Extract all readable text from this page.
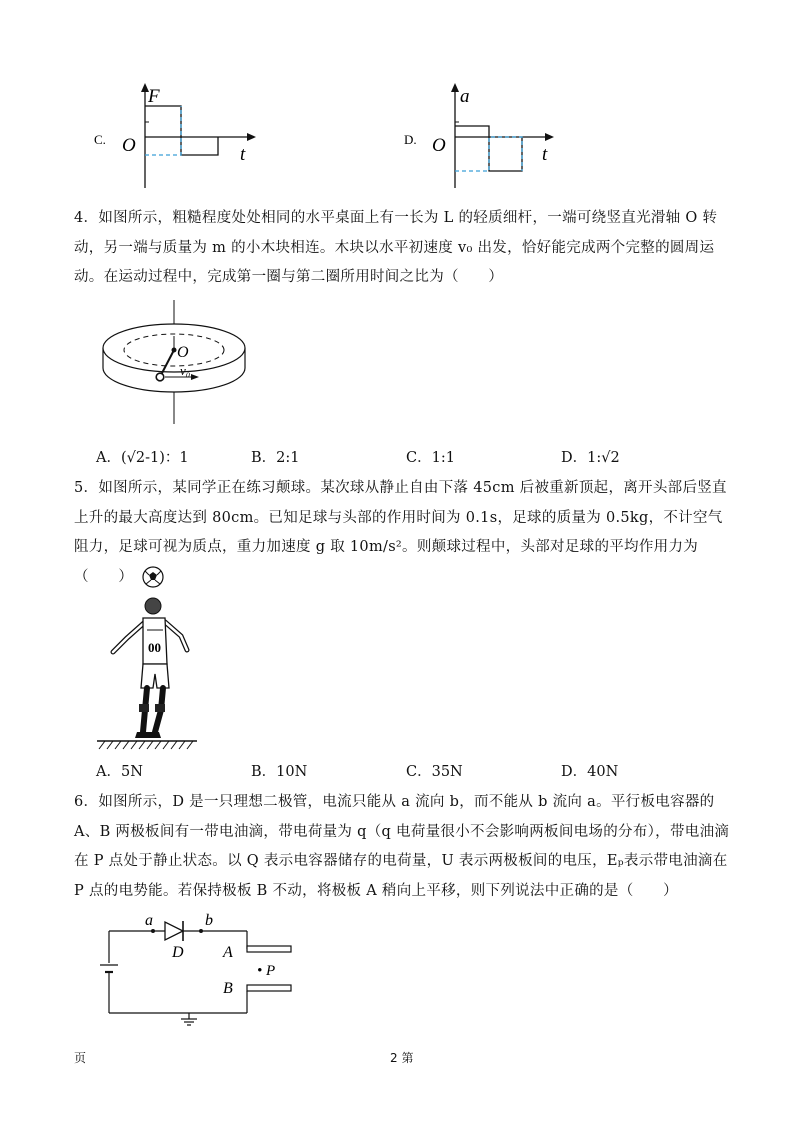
C.
F
O	t
D.
a
O	t
4．如图所示，粗糙程度处处相同的水平桌面上有一长为 L 的轻质细杆，一端可绕竖直光滑轴 O 转动，另一端与质量为 m 的小木块相连。木块以水平初速度 v₀ 出发，恰好能完成两个完整的圆周运动。在运动过程中，完成第一圈与第二圈所用时间之比为（　　）
O
v₀
A．(√2-1)：1	B．2:1	C．1:1	D．1:√2
5．如图所示，某同学正在练习颠球。某次球从静止自由下落 45cm 后被重新顶起，离开头部后竖直上升的最大高度达到 80cm。已知足球与头部的作用时间为 0.1s，足球的质量为 0.5kg，不计空气阻力，足球可视为质点，重力加速度 g 取 10m/s²。则颠球过程中，头部对足球的平均作用力为（　　）
00
A．5N	B．10N	C．35N	D．40N
6．如图所示，D 是一只理想二极管，电流只能从 a 流向 b，而不能从 b 流向 a。平行板电容器的 A、B 两极板间有一带电油滴，带电荷量为 q（q 电荷量很小不会影响两板间电场的分布），带电油滴在 P 点处于静止状态。以 Q 表示电容器储存的电荷量，U 表示两极板间的电压，Eₚ表示带电油滴在 P 点的电势能。若保持极板 B 不动，将极板 A 稍向上平移，则下列说法中正确的是（　　）
a	b
D A
• P
B
页	2 第
